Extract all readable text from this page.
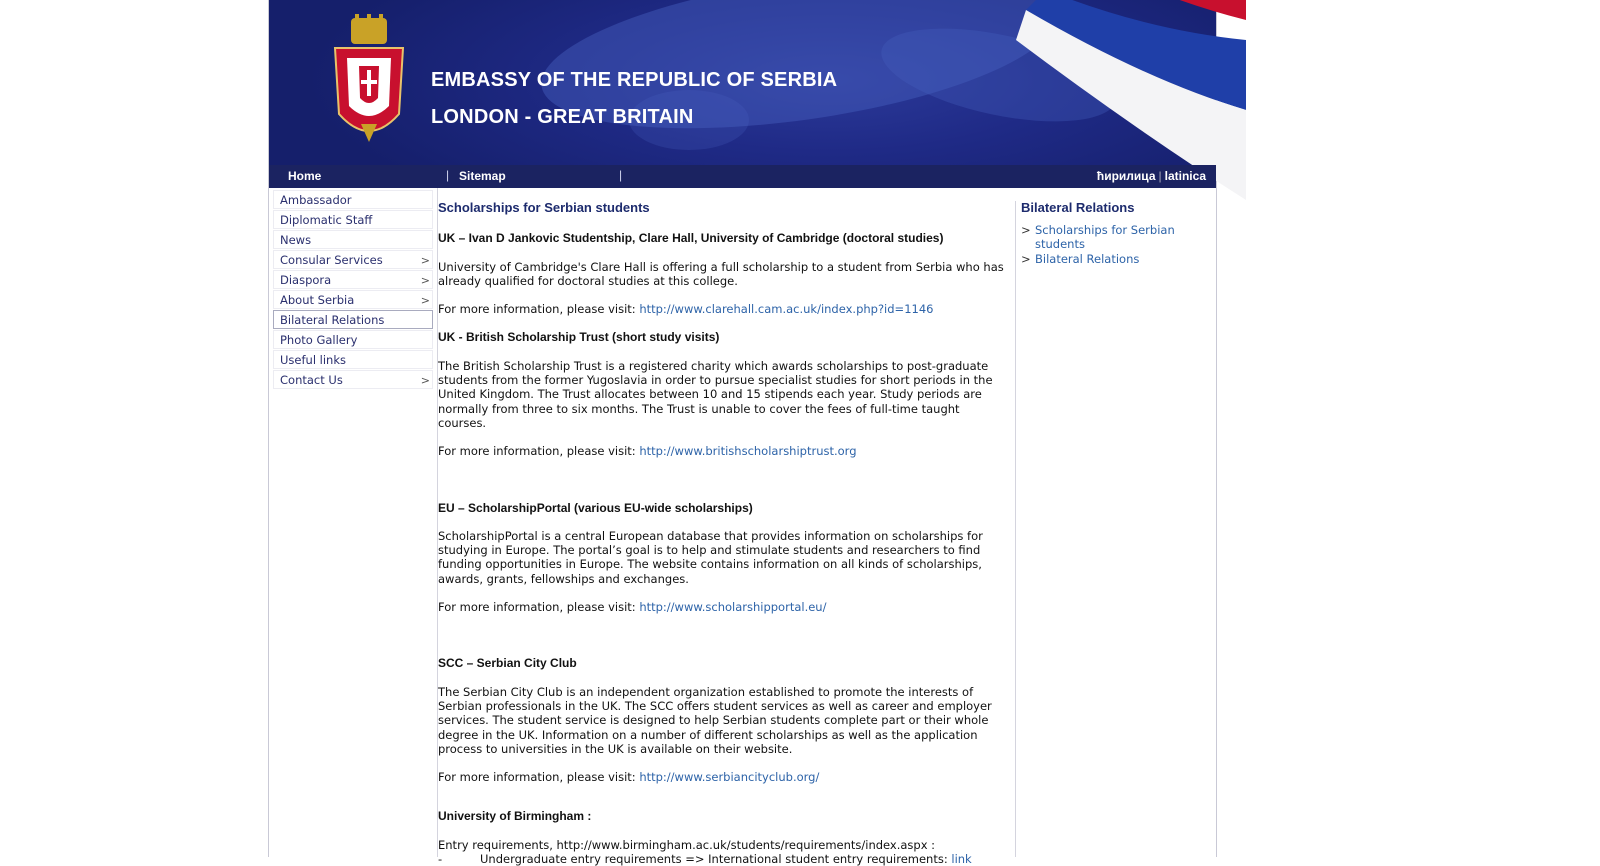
EMBASSY OF THE REPUBLIC OF SERBIA
LONDON - GREAT BRITAIN
Home	| Sitemap	|	ћирилица | latinica
Ambassador
Diplomatic Staff
News
Consular Services	>
Diaspora	>
About Serbia	>
Bilateral Relations
Photo Gallery
Useful links
Contact Us	>
Scholarships for Serbian students
UK – Ivan D Jankovic Studentship, Clare Hall, University of Cambridge (doctoral studies)

University of Cambridge's Clare Hall is offering a full scholarship to a student from Serbia who has already qualified for doctoral studies at this college.

For more information, please visit: http://www.clarehall.cam.ac.uk/index.php?id=1146

UK - British Scholarship Trust (short study visits)

The British Scholarship Trust is a registered charity which awards scholarships to post-graduate students from the former Yugoslavia in order to pursue specialist studies for short periods in the United Kingdom. The Trust allocates between 10 and 15 stipends each year. Study periods are normally from three to six months. The Trust is unable to cover the fees of full-time taught courses.

For more information, please visit: http://www.britishscholarshiptrust.org

EU – ScholarshipPortal (various EU-wide scholarships)

ScholarshipPortal is a central European database that provides information on scholarships for studying in Europe. The portal’s goal is to help and stimulate students and researchers to find funding opportunities in Europe. The website contains information on all kinds of scholarships, awards, grants, fellowships and exchanges.

For more information, please visit: http://www.scholarshipportal.eu/

SCC – Serbian City Club

The Serbian City Club is an independent organization established to promote the interests of Serbian professionals in the UK. The SCC offers student services as well as career and employer services. The student service is designed to help Serbian students complete part or their whole degree in the UK. Information on a number of different scholarships as well as the application process to universities in the UK is available on their website.

For more information, please visit: http://www.serbiancityclub.org/

University of Birmingham :

Entry requirements, http://www.birmingham.ac.uk/students/requirements/index.aspx :

-	Undergraduate entry requirements => International student entry requirements: link
Bilateral Relations
> Scholarships for Serbian students
> Bilateral Relations
